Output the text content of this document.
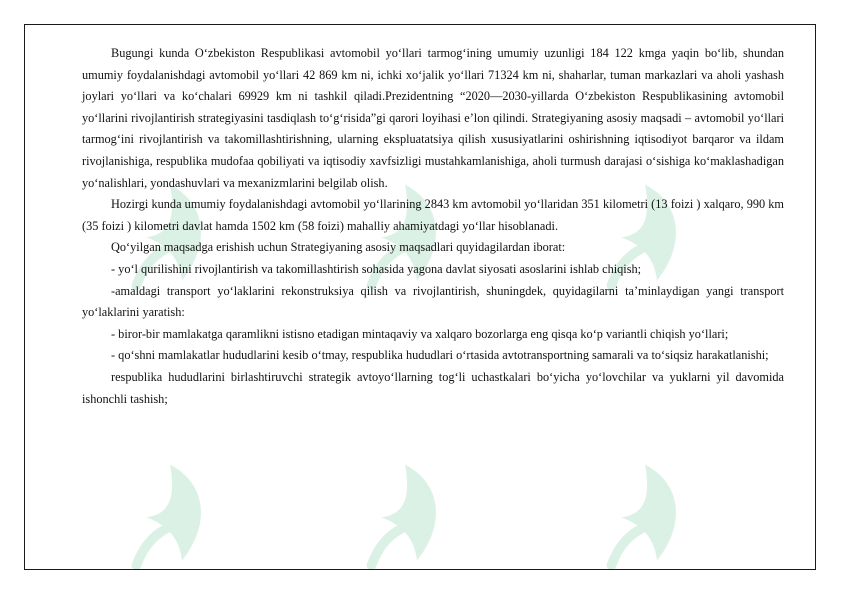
Bugungi kunda O‘zbekiston Respublikasi avtomobil yo‘llari tarmog‘ining umumiy uzunligi 184 122 kmga yaqin bo‘lib, shundan umumiy foydalanishdagi avtomobil yo‘llari 42 869 km ni, ichki xo‘jalik yo‘llari 71324 km ni, shaharlar, tuman markazlari va aholi yashash joylari yo‘llari va ko‘chalari 69929 km ni tashkil qiladi.Prezidentning “2020—2030-yillarda O‘zbekiston Respublikasining avtomobil yo‘llarini rivojlantirish strategiyasini tasdiqlash to‘g‘risida”gi qarori loyihasi e’lon qilindi. Strategiyaning asosiy maqsadi – avtomobil yo‘llari tarmog‘ini rivojlantirish va takomillashtirishning, ularning ekspluatatsiya qilish xususiyatlarini oshirishning iqtisodiyot barqaror va ildam rivojlanishiga, respublika mudofaa qobiliyati va iqtisodiy xavfsizligi mustahkamlanishiga, aholi turmush darajasi o‘sishiga ko‘maklashadigan yo‘nalishlari, yondashuvlari va mexanizmlarini belgilab olish.

Hozirgi kunda umumiy foydalanishdagi avtomobil yo‘llarining 2843 km avtomobil yo‘llaridan 351 kilometri (13 foizi ) xalqaro, 990 km (35 foizi ) kilometri davlat hamda 1502 km (58 foizi) mahalliy ahamiyatdagi yo‘llar hisoblanadi.

Qo‘yilgan maqsadga erishish uchun Strategiyaning asosiy maqsadlari quyidagilardan iborat:

- yo‘l qurilishini rivojlantirish va takomillashtirish sohasida yagona davlat siyosati asoslarini ishlab chiqish;

-amaldagi transport yo‘laklarini rekonstruksiya qilish va rivojlantirish, shuningdek, quyidagilarni ta’minlaydigan yangi transport yo‘laklarini yaratish:

- biror-bir mamlakatga qaramlikni istisno etadigan mintaqaviy va xalqaro bozorlarga eng qisqa ko‘p variantli chiqish yo‘llari;

- qo‘shni mamlakatlar hududlarini kesib o‘tmay, respublika hududlari o‘rtasida avtotransportning samarali va to‘siqsiz harakatlanishi;

respublika hududlarini birlashtiruvchi strategik avtoyo‘llarning tog‘li uchastkalari bo‘yicha yo‘lovchilar va yuklarni yil davomida ishonchli tashish;
